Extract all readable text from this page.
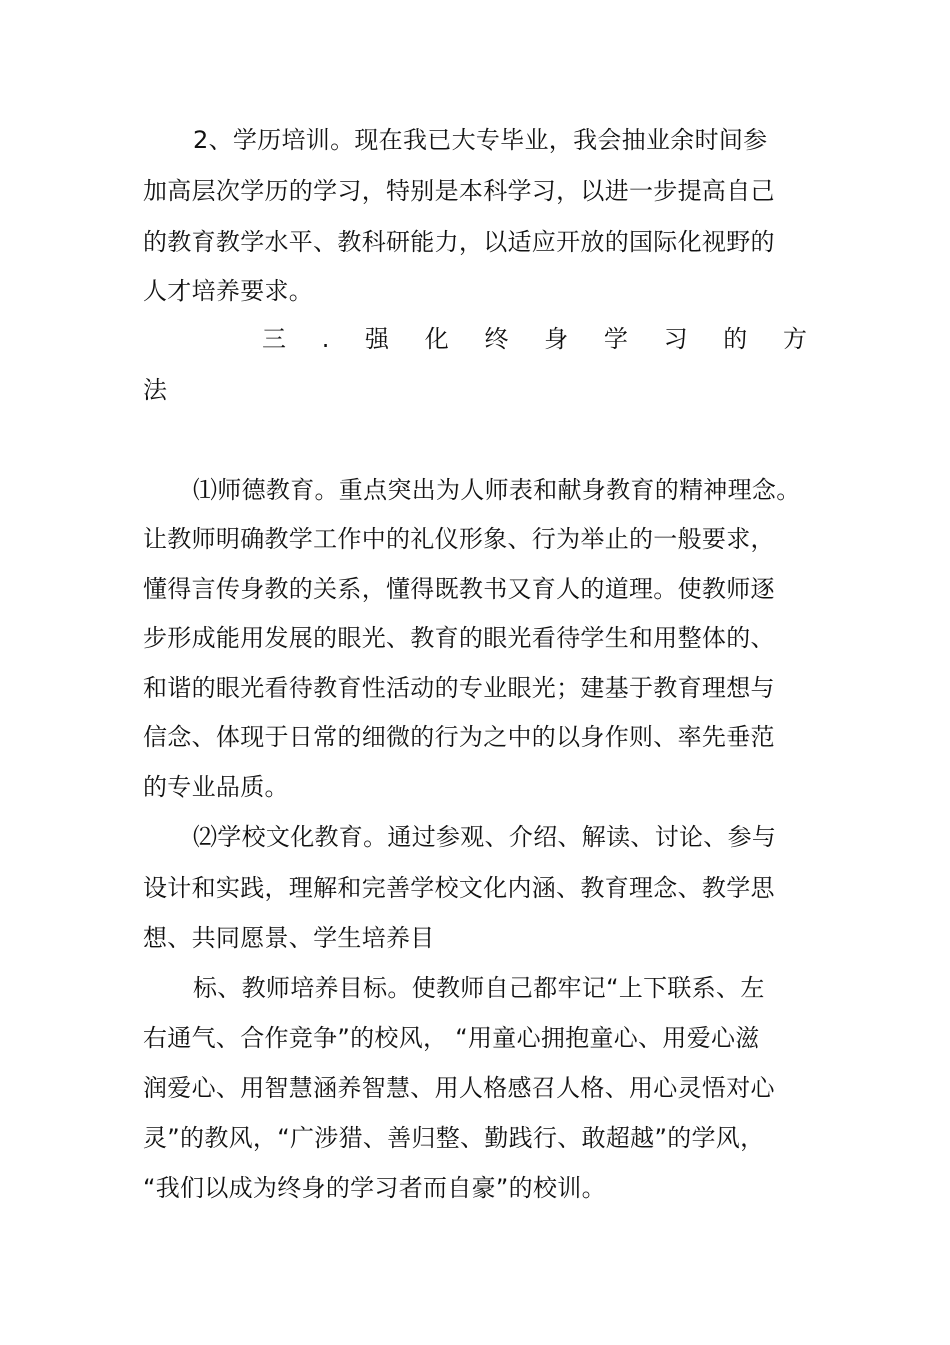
2、学历培训。现在我已大专毕业，我会抽业余时间参
加高层次学历的学习，特别是本科学习，以进一步提高自己
的教育教学水平、教科研能力，以适应开放的国际化视野的
人才培养要求。
三 . 强 化 终 身 学 习 的 方
法
⑴师德教育。重点突出为人师表和献身教育的精神理念。
让教师明确教学工作中的礼仪形象、行为举止的一般要求，
懂得言传身教的关系，懂得既教书又育人的道理。使教师逐
步形成能用发展的眼光、教育的眼光看待学生和用整体的、
和谐的眼光看待教育性活动的专业眼光；建基于教育理想与
信念、体现于日常的细微的行为之中的以身作则、率先垂范
的专业品质。
⑵学校文化教育。通过参观、介绍、解读、讨论、参与
设计和实践，理解和完善学校文化内涵、教育理念、教学思
想、共同愿景、学生培养目
标、教师培养目标。使教师自己都牢记“上下联系、左
右通气、合作竞争”的校风， “用童心拥抱童心、用爱心滋
润爱心、用智慧涵养智慧、用人格感召人格、用心灵悟对心
灵”的教风，“广涉猎、善归整、勤践行、敢超越”的学风，
“我们以成为终身的学习者而自豪”的校训。
